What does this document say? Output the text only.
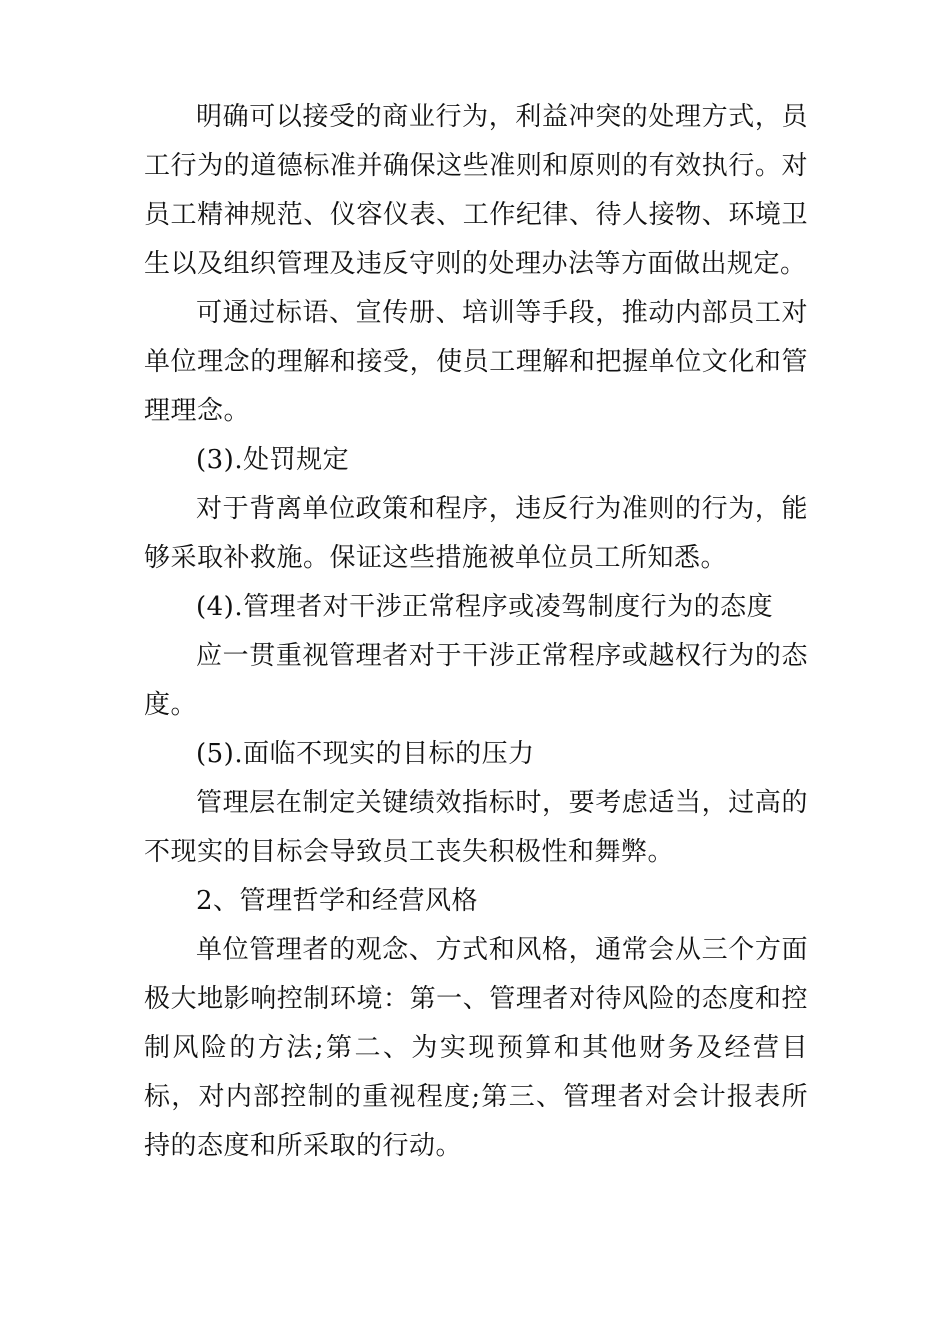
明确可以接受的商业行为，利益冲突的处理方式，员工行为的道德标准并确保这些准则和原则的有效执行。对员工精神规范、仪容仪表、工作纪律、待人接物、环境卫生以及组织管理及违反守则的处理办法等方面做出规定。

可通过标语、宣传册、培训等手段，推动内部员工对单位理念的理解和接受，使员工理解和把握单位文化和管理理念。

(3).处罚规定

对于背离单位政策和程序，违反行为准则的行为，能够采取补救施。保证这些措施被单位员工所知悉。

(4).管理者对干涉正常程序或凌驾制度行为的态度

应一贯重视管理者对于干涉正常程序或越权行为的态度。

(5).面临不现实的目标的压力

管理层在制定关键绩效指标时，要考虑适当，过高的不现实的目标会导致员工丧失积极性和舞弊。

2、管理哲学和经营风格

单位管理者的观念、方式和风格，通常会从三个方面极大地影响控制环境：第一、管理者对待风险的态度和控制风险的方法;第二、为实现预算和其他财务及经营目标，对内部控制的重视程度;第三、管理者对会计报表所持的态度和所采取的行动。
